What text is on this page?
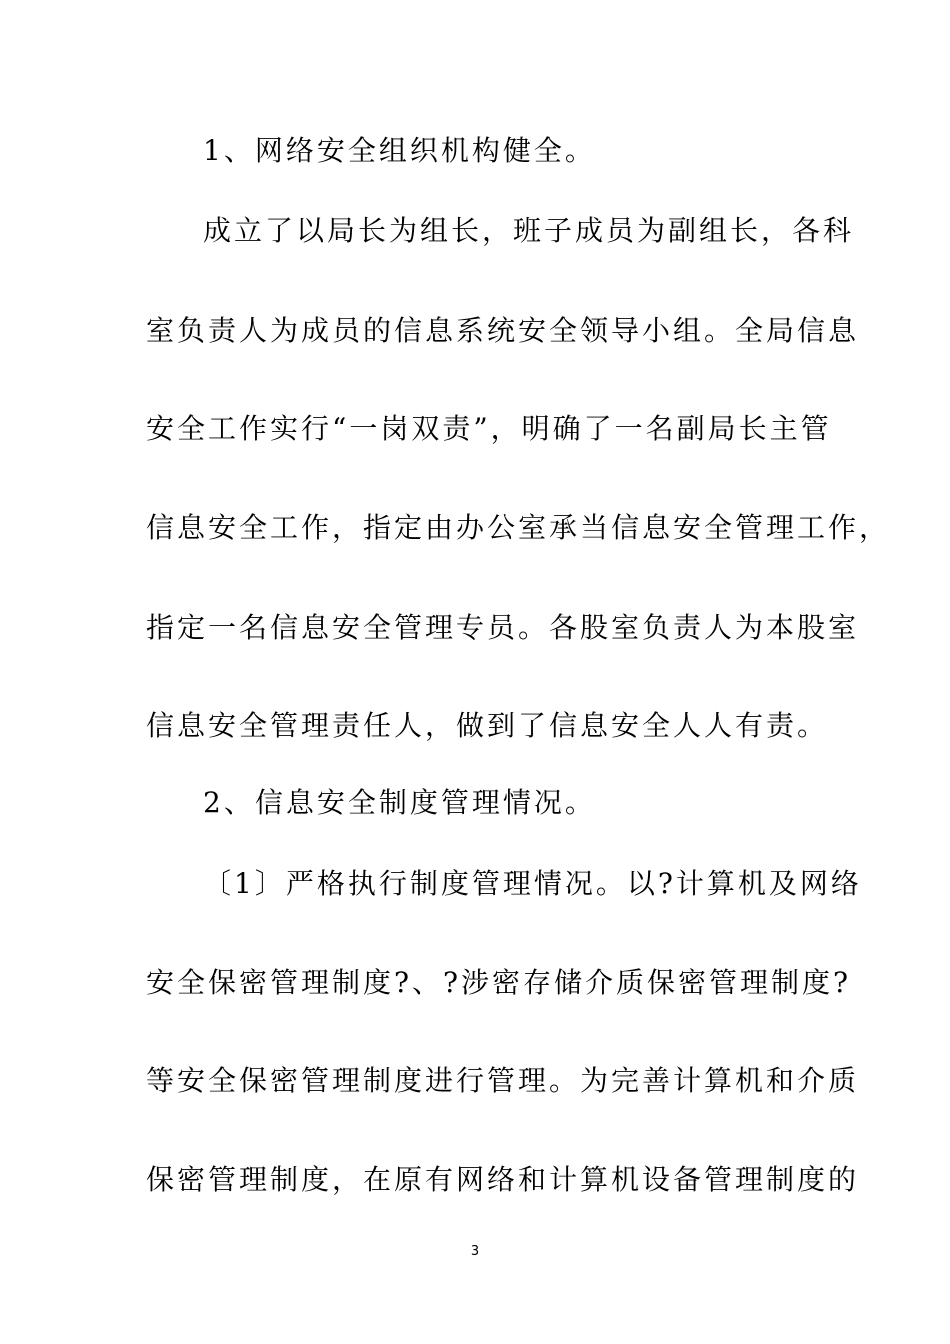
1、网络安全组织机构健全。

成立了以局长为组长，班子成员为副组长，各科

室负责人为成员的信息系统安全领导小组。全局信息

安全工作实行“一岗双责”，明确了一名副局长主管

信息安全工作，指定由办公室承当信息安全管理工作，

指定一名信息安全管理专员。各股室负责人为本股室

信息安全管理责任人，做到了信息安全人人有责。

2、信息安全制度管理情况。

〔1〕严格执行制度管理情况。以?计算机及网络

安全保密管理制度?、?涉密存储介质保密管理制度?

等安全保密管理制度进行管理。为完善计算机和介质

保密管理制度，在原有网络和计算机设备管理制度的

3
